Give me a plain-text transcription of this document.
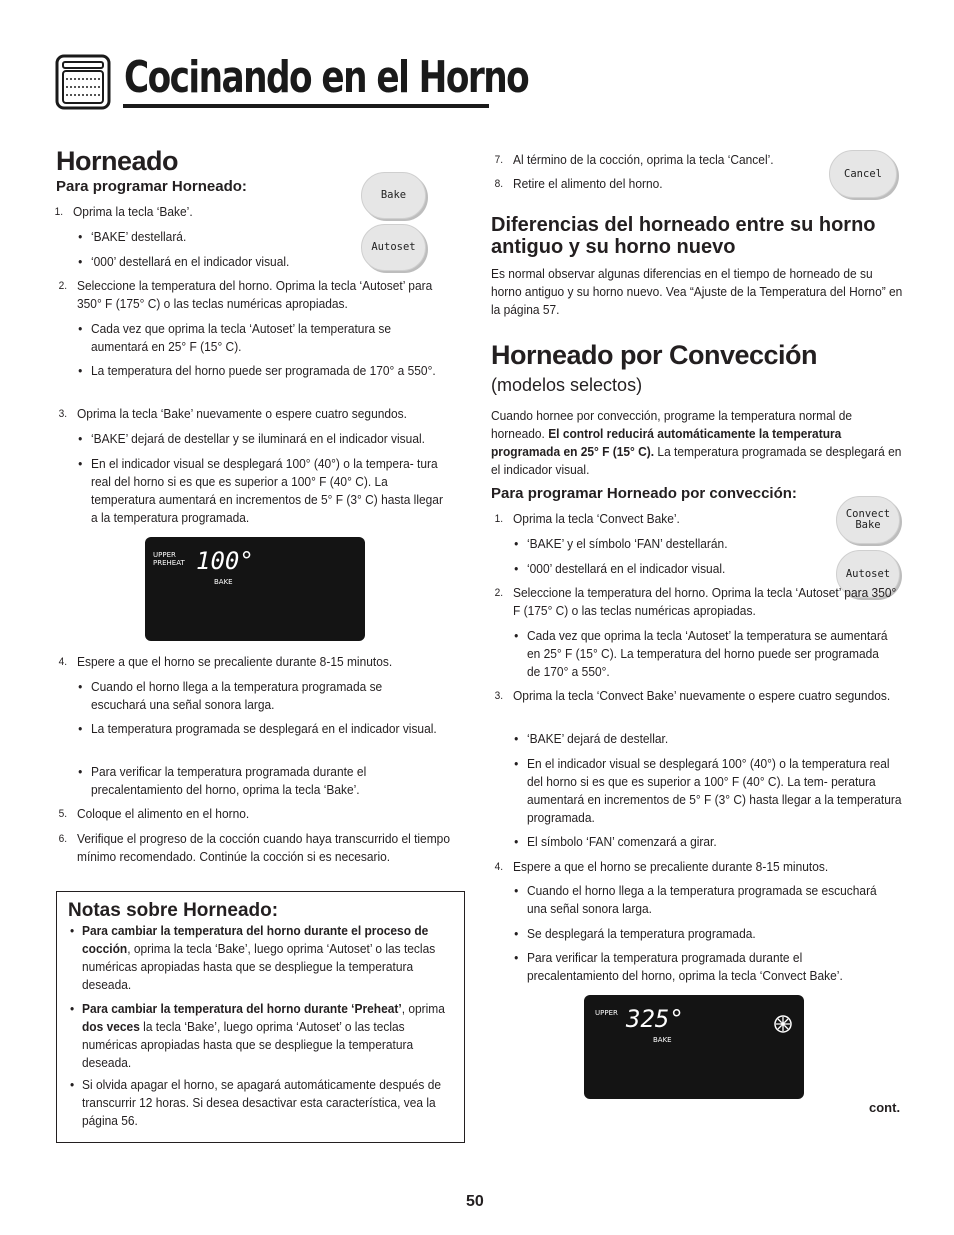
Cocinando en el Horno
Horneado
Para programar Horneado:	Bake
Autoset
1. Oprima la tecla ‘Bake’.
• ‘BAKE’ destellará.
• ‘000’ destellará en el indicador visual.
2. Seleccione la temperatura del horno. Oprima la tecla ‘Autoset’ para 350° F (175° C) o las teclas numéricas apropiadas.
• Cada vez que oprima la tecla ‘Autoset’ la temperatura se aumentará en 25° F (15° C).
• La temperatura del horno puede ser programada de 170° a 550°.
3. Oprima la tecla ‘Bake’ nuevamente o espere cuatro segundos.
• ‘BAKE’ dejará de destellar y se iluminará en el indicador visual.
• En el indicador visual se desplegará 100° (40°) o la tempera- tura real del horno si es que es superior a 100° F (40° C). La temperatura aumentará en incrementos de 5° F (3° C) hasta llegar a la temperatura programada.
UPPER
PREHEAT 100°
BAKE
4. Espere a que el horno se precaliente durante 8-15 minutos.
• Cuando el horno llega a la temperatura programada se escuchará una señal sonora larga.
• La temperatura programada se desplegará en el indicador visual.
• Para verificar la temperatura programada durante el precalentamiento del horno, oprima la tecla ‘Bake’.
5. Coloque el alimento en el horno.
6. Verifique el progreso de la cocción cuando haya transcurrido el tiempo mínimo recomendado. Continúe la cocción si es necesario.
Notas sobre Horneado:
• Para cambiar la temperatura del horno durante el proceso de cocción, oprima la tecla ‘Bake’, luego oprima ‘Autoset’ o las teclas numéricas apropiadas hasta que se despliegue la temperatura deseada.
• Para cambiar la temperatura del horno durante ‘Preheat’, oprima dos veces la tecla ‘Bake’, luego oprima ‘Autoset’ o las teclas numéricas apropiadas hasta que se despliegue la temperatura deseada.
• Si olvida apagar el horno, se apagará automáticamente después de transcurrir 12 horas. Si desea desactivar esta característica, vea la página 56.
7. Al término de la cocción, oprima la tecla ‘Cancel’.
8. Retire el alimento del horno.
Cancel
Diferencias del horneado entre su horno antiguo y su horno nuevo
Es normal observar algunas diferencias en el tiempo de horneado de su horno antiguo y su horno nuevo. Vea “Ajuste de la Temperatura del Horno” en la página 57.
Horneado por Convección
(modelos selectos)
Cuando hornee por convección, programe la temperatura normal de horneado. El control reducirá automáticamente la temperatura programada en 25° F (15° C). La temperatura programada se desplegará en el indicador visual.
Para programar Horneado por convección:
Convect Bake
Autoset
1. Oprima la tecla ‘Convect Bake’.
• ‘BAKE’ y el símbolo ‘FAN’ destellarán.
• ‘000’ destellará en el indicador visual.
2. Seleccione la temperatura del horno. Oprima la tecla ‘Autoset’ para 350° F (175° C) o las teclas numéricas apropiadas.
• Cada vez que oprima la tecla ‘Autoset’ la temperatura se aumentará en 25° F (15° C). La temperatura del horno puede ser programada de 170° a 550°.
3. Oprima la tecla ‘Convect Bake’ nuevamente o espere cuatro segundos.
• ‘BAKE’ dejará de destellar.
• En el indicador visual se desplegará 100° (40°) o la temperatura real del horno si es que es superior a 100° F (40° C). La tem- peratura aumentará en incrementos de 5° F (3° C) hasta llegar a la temperatura programada.
• El símbolo ‘FAN’ comenzará a girar.
4. Espere a que el horno se precaliente durante 8-15 minutos.
• Cuando el horno llega a la temperatura programada se escuchará una señal sonora larga.
• Se desplegará la temperatura programada.
• Para verificar la temperatura programada durante el precalentamiento del horno, oprima la tecla ‘Convect Bake’.
UPPER 325°
BAKE
cont.
50
